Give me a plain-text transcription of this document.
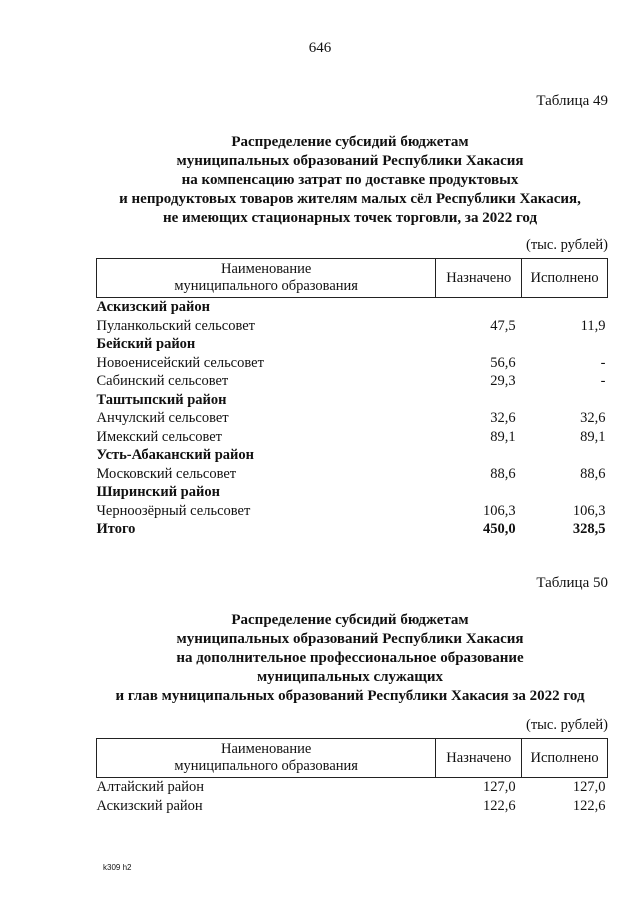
646
Таблица 49
Распределение субсидий бюджетам
муниципальных образований Республики Хакасия
на компенсацию затрат по доставке продуктовых
и непродуктовых товаров жителям малых сёл Республики Хакасия,
не имеющих стационарных точек торговли, за 2022 год
(тыс. рублей)
Наименование
муниципального образования	Назначено	Исполнено
Аскизский район		
Пуланкольский сельсовет	47,5	11,9
Бейский район		
Новоенисейский сельсовет	56,6	-
Сабинский сельсовет	29,3	-
Таштыпский район		
Анчулский сельсовет	32,6	32,6
Имекский сельсовет	89,1	89,1
Усть-Абаканский район		
Московский сельсовет	88,6	88,6
Ширинский район		
Черноозёрный сельсовет	106,3	106,3
Итого	450,0	328,5
Таблица 50
Распределение субсидий бюджетам
муниципальных образований Республики Хакасия
на дополнительное профессиональное образование
муниципальных служащих
и глав муниципальных образований Республики Хакасия за 2022 год
(тыс. рублей)
Наименование
муниципального образования	Назначено	Исполнено
Алтайский район	127,0	127,0
Аскизский район	122,6	122,6
k309 h2
